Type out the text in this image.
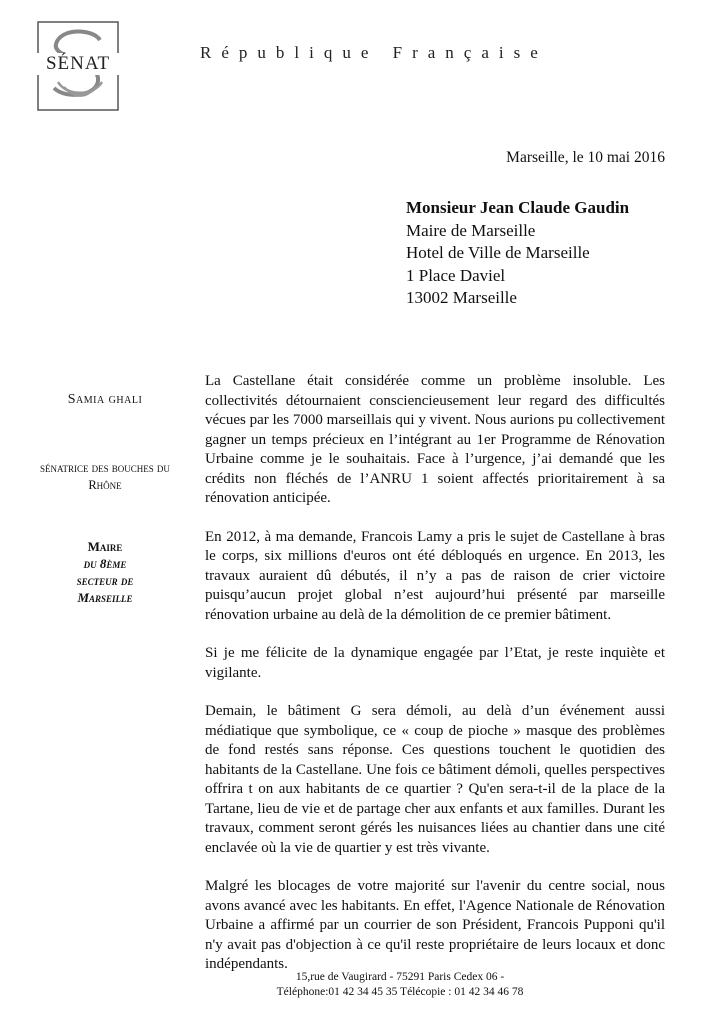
SÉNAT
République Française
Marseille, le 10 mai 2016
Monsieur Jean Claude Gaudin
Maire de Marseille
Hotel de Ville de Marseille
1 Place Daviel
13002 Marseille
Samia ghali
sénatrice des bouches du Rhône
Maire
du 8ème
secteur de
Marseille

La Castellane était considérée comme un problème insoluble. Les collectivités détournaient consciencieusement leur regard des difficultés vécues par les 7000 marseillais qui y vivent. Nous aurions pu collectivement gagner un temps précieux en l’intégrant au 1er Programme de Rénovation Urbaine comme je le souhaitais. Face à l’urgence, j’ai demandé que les crédits non fléchés de l’ANRU 1 soient affectés prioritairement à sa rénovation anticipée.

En 2012, à ma demande, Francois Lamy a pris le sujet de Castellane à bras le corps, six millions d'euros ont été débloqués en urgence. En 2013, les travaux auraient dû débutés, il n’y a pas de raison de crier victoire puisqu’aucun projet global n’est aujourd’hui présenté par marseille rénovation urbaine au delà de la démolition de ce premier bâtiment.

Si je me félicite de la dynamique engagée par l’Etat, je reste inquiète et vigilante.

Demain, le bâtiment G sera démoli, au delà d’un événement aussi médiatique que symbolique, ce « coup de pioche » masque des problèmes de fond restés sans réponse. Ces questions touchent le quotidien des habitants de la Castellane. Une fois ce bâtiment démoli, quelles perspectives offrira t on aux habitants de ce quartier ? Qu'en sera-t-il de la place de la Tartane, lieu de vie et de partage cher aux enfants et aux familles. Durant les travaux, comment seront gérés les nuisances liées au chantier dans une cité enclavée où la vie de quartier y est très vivante.

Malgré les blocages de votre majorité sur l'avenir du centre social, nous avons avancé avec les habitants. En effet, l'Agence Nationale de Rénovation Urbaine a affirmé par un courrier de son Président, Francois Pupponi qu'il n'y avait pas d'objection à ce qu'il reste propriétaire de leurs locaux et donc indépendants.

15,rue de Vaugirard - 75291 Paris Cedex 06 -
Téléphone:01 42 34 45 35 Télécopie : 01 42 34 46 78
